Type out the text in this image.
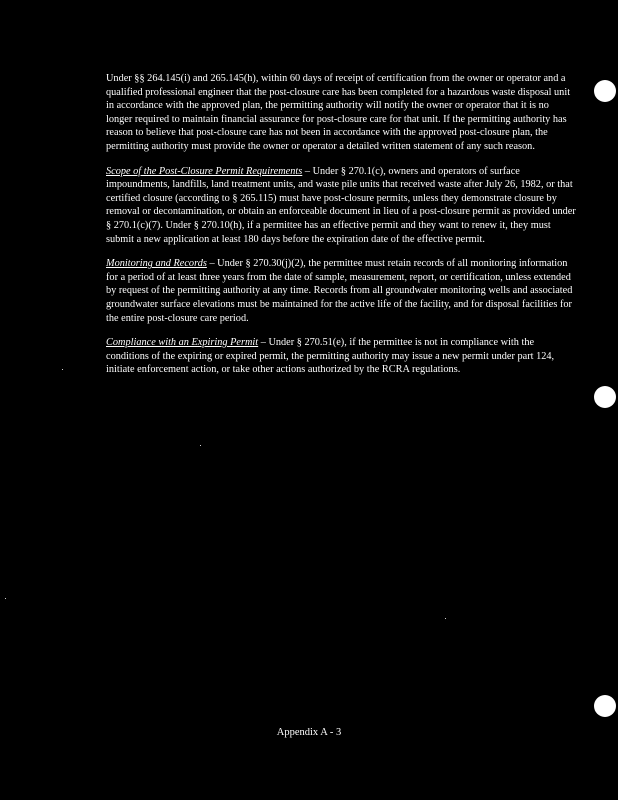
Under §§ 264.145(i) and 265.145(h), within 60 days of receipt of certification from the owner or operator and a qualified professional engineer that the post-closure care has been completed for a hazardous waste disposal unit in accordance with the approved plan, the permitting authority will notify the owner or operator that it is no longer required to maintain financial assurance for post-closure care for that unit. If the permitting authority has reason to believe that post-closure care has not been in accordance with the approved post-closure plan, the permitting authority must provide the owner or operator a detailed written statement of any such reason.

Scope of the Post-Closure Permit Requirements – Under § 270.1(c), owners and operators of surface impoundments, landfills, land treatment units, and waste pile units that received waste after July 26, 1982, or that certified closure (according to § 265.115) must have post-closure permits, unless they demonstrate closure by removal or decontamination, or obtain an enforceable document in lieu of a post-closure permit as provided under § 270.1(c)(7). Under § 270.10(h), if a permittee has an effective permit and they want to renew it, they must submit a new application at least 180 days before the expiration date of the effective permit.

Monitoring and Records – Under § 270.30(j)(2), the permittee must retain records of all monitoring information for a period of at least three years from the date of sample, measurement, report, or certification, unless extended by request of the permitting authority at any time. Records from all groundwater monitoring wells and associated groundwater surface elevations must be maintained for the active life of the facility, and for disposal facilities for the entire post-closure care period.

Compliance with an Expiring Permit – Under § 270.51(e), if the permittee is not in compliance with the conditions of the expiring or expired permit, the permitting authority may issue a new permit under part 124, initiate enforcement action, or take other actions authorized by the RCRA regulations.

Appendix A - 3
